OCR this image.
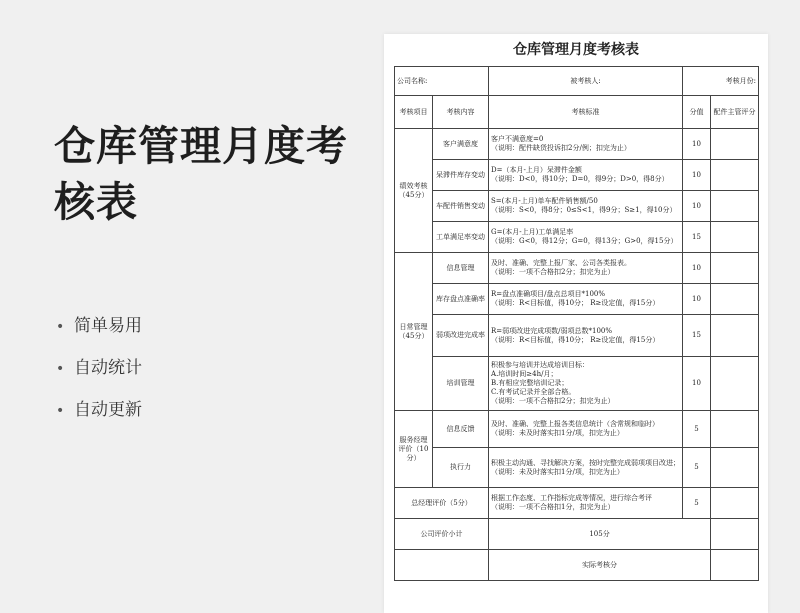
仓库管理月度考核表
• 简单易用
• 自动统计
• 自动更新
仓库管理月度考核表
公司名称:		被考核人:	考核月份:	
考核项目	考核内容	考核标准	分值	配件主管评分
绩效考核（45分）	客户满意度	客户不满意度=0
（说明：配件缺货投诉扣2分/例；扣完为止）	10	
	呆滞件库存变动	D=（本月-上月）呆滞件金额
（说明：D<0，得10分；D=0，得9分；D>0，得8分）	10	
	车配件销售变动	S=(本月-上月)单车配件销售额/50
（说明：S<0，得8分；0≤S<1，得9分；S≥1，得10分）	10	
	工单满足率变动	G=(本月-上月)工单满足率
（说明：G<0，得12分；G=0，得13分；G>0，得15分）	15	
日常管理（45分）	信息管理	及时、准确、完整上报厂家、公司各类报表。
（说明：一项不合格扣2分；扣完为止）	10	
	库存盘点准确率	R=盘点准确项目/盘点总项目*100%
（说明：R<目标值，得10分； R≥设定值，得15分）	10	
	弱项改进完成率	R=弱项改进完成项数/弱项总数*100%
（说明：R<目标值，得10分； R≥设定值，得15分）	15	
	培训管理	积极参与培训并达成培训目标：
A.培训时间≥4h/月；
B.有相应完整培训记录；
C.有考试记录并全部合格。
（说明：一项不合格扣2分；扣完为止）	10	
服务经理评价（10分）	信息反馈	及时、准确、完整上报各类信息统计（含常规和临时）
（说明：未及时落实扣1分/项，扣完为止）	5	
	执行力	积极主动沟通、寻找解决方案，按时完整完成弱项项目改进；
（说明：未及时落实扣1分/项，扣完为止）	5	
总经理评价（5分）		根据工作态度、工作指标完成等情况，进行综合考评
（说明：一项不合格扣1分，扣完为止）	5	
公司评价小计		105分		
		实际考核分		
